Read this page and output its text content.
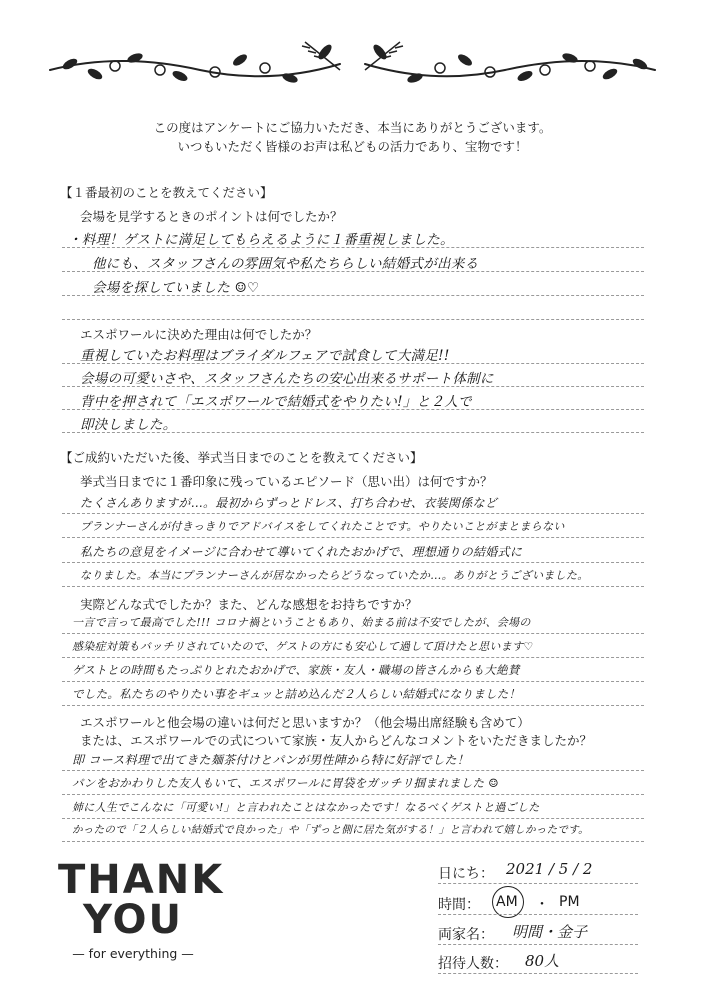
この度はアンケートにご協力いただき、本当にありがとうございます。
いつもいただく皆様のお声は私どもの活力であり、宝物です！
【１番最初のことを教えてください】
会場を見学するときのポイントは何でしたか？
・料理！ゲストに満足してもらえるように１番重視しました。
他にも、スタッフさんの雰囲気や私たちらしい結婚式が出来る
会場を探していました ☺♡
エスポワールに決めた理由は何でしたか？
重視していたお料理はブライダルフェアで試食して大満足!!
会場の可愛いさや、スタッフさんたちの安心出来るサポート体制に
背中を押されて「エスポワールで結婚式をやりたい!」と２人で
即決しました。
【ご成約いただいた後、挙式当日までのことを教えてください】
挙式当日までに１番印象に残っているエピソード（思い出）は何ですか？
たくさんありますが…。最初からずっとドレス、打ち合わせ、衣装関係など
プランナーさんが付きっきりでアドバイスをしてくれたことです。やりたいことがまとまらない
私たちの意見をイメージに合わせて導いてくれたおかげで、理想通りの結婚式に
なりました。本当にプランナーさんが居なかったらどうなっていたか…。ありがとうございました。
実際どんな式でしたか？また、どんな感想をお持ちですか？
一言で言って最高でした!!! コロナ禍ということもあり、始まる前は不安でしたが、会場の
感染症対策もバッチリされていたので、ゲストの方にも安心して過して頂けたと思います♡
ゲストとの時間もたっぷりとれたおかげで、家族・友人・職場の皆さんからも大絶賛
でした。私たちのやりたい事をギュッと詰め込んだ２人らしい結婚式になりました！
エスポワールと他会場の違いは何だと思いますか？（他会場出席経験も含めて）
または、エスポワールでの式について家族・友人からどんなコメントをいただきましたか？
即 コース料理で出てきた麺茶付けとパンが男性陣から特に好評でした！
パンをおかわりした友人もいて、エスポワールに胃袋をガッチリ掴まれました ☺
姉に人生でこんなに「可愛い!」と言われたことはなかったです！なるべくゲストと過ごした
かったので「２人らしい結婚式で良かった」や「ずっと側に居た気がする！」と言われて嬉しかったです。
THANK
YOU
— for everything —
日にち： 2021 / 5 / 2
時間： AM ・ PM
両家名： 明間・金子
招待人数： 80人
